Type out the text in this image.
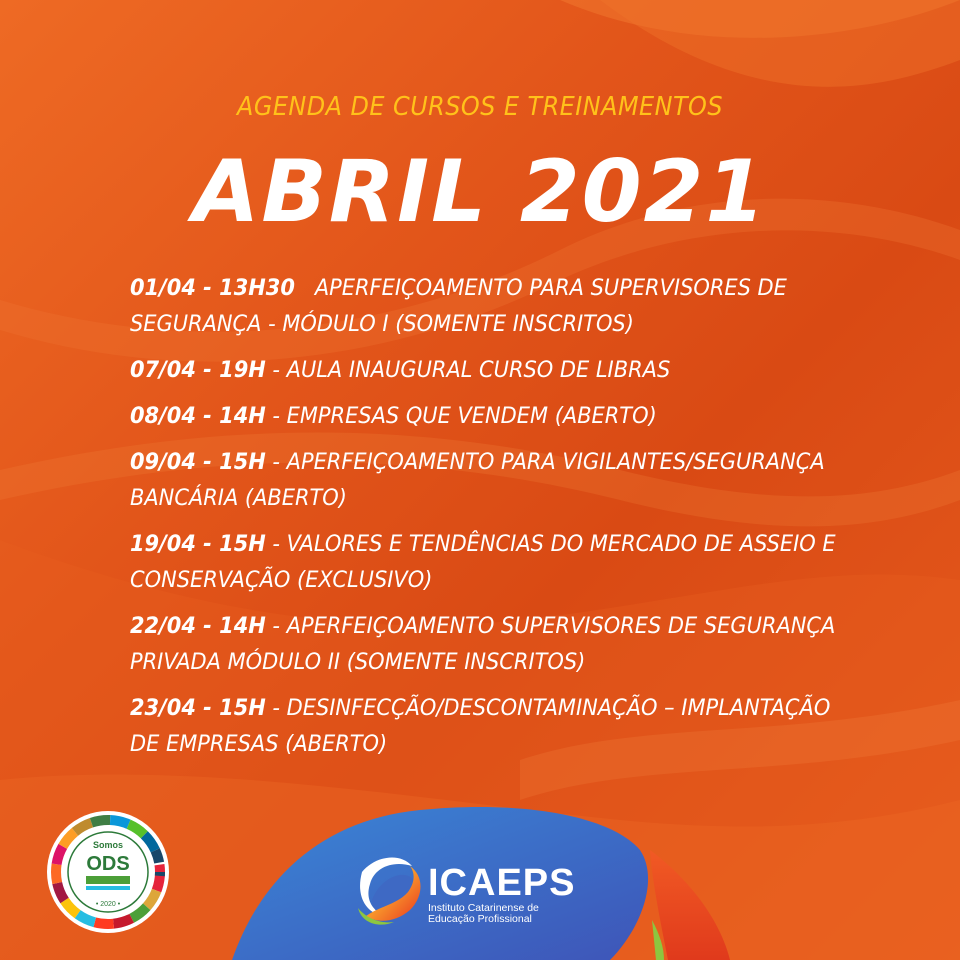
AGENDA DE CURSOS E TREINAMENTOS
ABRIL 2021
01/04 - 13H30 APERFEIÇOAMENTO PARA SUPERVISORES DE SEGURANÇA - MÓDULO I (SOMENTE INSCRITOS)
07/04 - 19H - AULA INAUGURAL CURSO DE LIBRAS
08/04 - 14H - EMPRESAS QUE VENDEM (ABERTO)
09/04 - 15H - APERFEIÇOAMENTO PARA VIGILANTES/SEGURANÇA BANCÁRIA (ABERTO)
19/04 - 15H - VALORES E TENDÊNCIAS DO MERCADO DE ASSEIO E CONSERVAÇÃO (EXCLUSIVO)
22/04 - 14H - APERFEIÇOAMENTO SUPERVISORES DE SEGURANÇA PRIVADA MÓDULO II (SOMENTE INSCRITOS)
23/04 - 15H - DESINFECÇÃO/DESCONTAMINAÇÃO – IMPLANTAÇÃO DE EMPRESAS (ABERTO)
Somos
ODS
• 2020 •
ICAEPS
Instituto Catarinense de
Educação Profissional
